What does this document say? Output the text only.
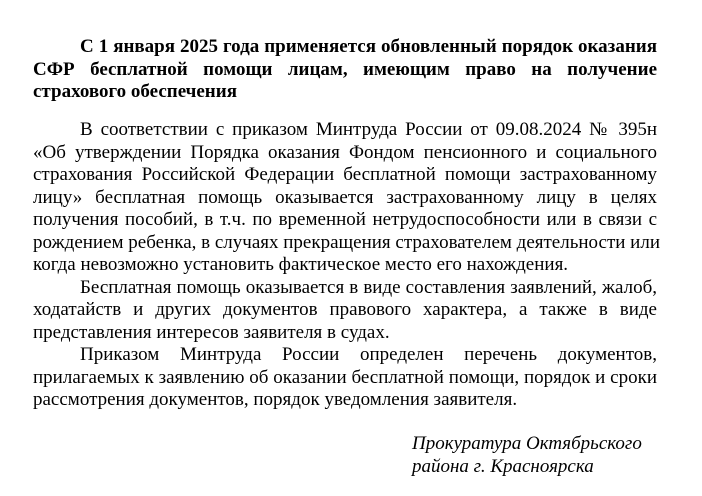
С 1 января 2025 года применяется обновленный порядок оказания
СФР бесплатной помощи лицам, имеющим право на получение
страхового обеспечения
В соответствии с приказом Минтруда России от 09.08.2024 № 395н
«Об утверждении Порядка оказания Фондом пенсионного и социального
страхования Российской Федерации бесплатной помощи застрахованному
лицу» бесплатная помощь оказывается застрахованному лицу в целях
получения пособий, в т.ч. по временной нетрудоспособности или в связи с
рождением ребенка, в случаях прекращения страхователем деятельности или
когда невозможно установить фактическое место его нахождения.
Бесплатная помощь оказывается в виде составления заявлений, жалоб,
ходатайств и других документов правового характера, а также в виде
представления интересов заявителя в судах.
Приказом Минтруда России определен перечень документов,
прилагаемых к заявлению об оказании бесплатной помощи, порядок и сроки
рассмотрения документов, порядок уведомления заявителя.
Прокуратура Октябрьского
района г. Красноярска
